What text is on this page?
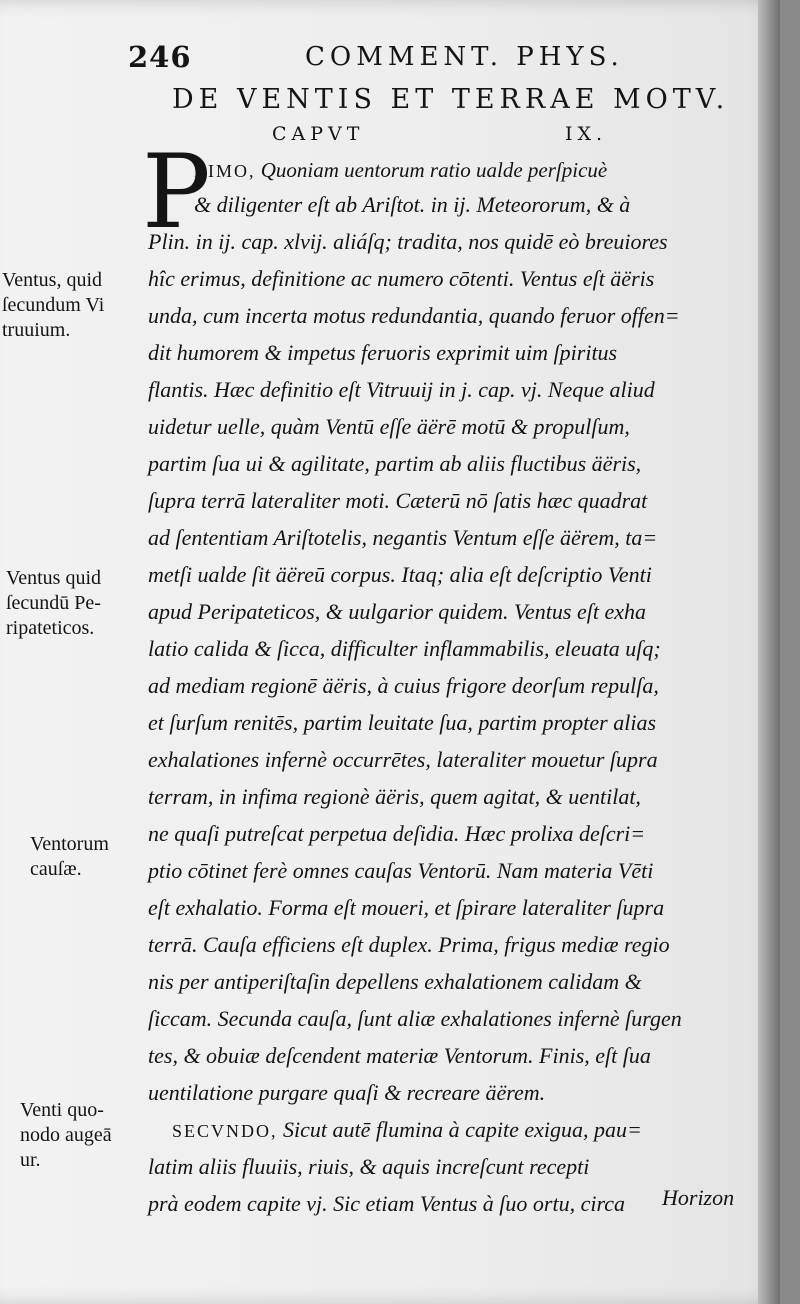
246	COMMENT. PHYS.
DE VENTIS ET TERRAE MOTV.
CAPVT	IX.
P
RIMO, Quoniam uentorum ratio ualde perſpicuè
& diligenter eſt ab Ariſtot. in ij. Meteororum, & à
Plin. in ij. cap. xlvij. aliáſq; tradita, nos quidē eò breuiores
hîc erimus, definitione ac numero cōtenti. Ventus eſt äëris
unda, cum incerta motus redundantia, quando feruor offen=
dit humorem & impetus feruoris exprimit uim ſpiritus
flantis. Hæc definitio eſt Vitruuij in j. cap. vj. Neque aliud
uidetur uelle, quàm Ventū eſſe äërē motū & propulſum,
partim ſua ui & agilitate, partim ab aliis fluctibus äëris,
ſupra terrā lateraliter moti. Cæterū nō ſatis hæc quadrat
ad ſententiam Ariſtotelis, negantis Ventum eſſe äërem, ta=
metſi ualde ſit äëreū corpus. Itaq; alia eſt deſcriptio Venti
apud Peripateticos, & uulgarior quidem. Ventus eſt exha
latio calida & ſicca, difficulter inflammabilis, eleuata uſq;
ad mediam regionē äëris, à cuius frigore deorſum repulſa,
et ſurſum renitēs, partim leuitate ſua, partim propter alias
exhalationes infernè occurrētes, lateraliter mouetur ſupra
terram, in infima regionè äëris, quem agitat, & uentilat,
ne quaſi putreſcat perpetua deſidia. Hæc prolixa deſcri=
ptio cōtinet ferè omnes cauſas Ventorū. Nam materia Vēti
eſt exhalatio. Forma eſt moueri, et ſpirare lateraliter ſupra
terrā. Cauſa efficiens eſt duplex. Prima, frigus mediæ regio
nis per antiperiſtaſin depellens exhalationem calidam &
ſiccam. Secunda cauſa, ſunt aliæ exhalationes infernè ſurgen
tes, & obuiæ deſcendent materiæ Ventorum. Finis, eſt ſua
uentilatione purgare quaſi & recreare äërem.
SECVNDO, Sicut autē flumina à capite exigua, pau=
latim aliis fluuiis, riuis, & aquis increſcunt recepti
prà eodem capite vj. Sic etiam Ventus à ſuo ortu, circa
Ventus, quid
ſecundum Vi
truuium.
Ventus quid
ſecundū Pe-
ripateticos.
Ventorum
cauſæ.
Venti quo-
nodo augeā
ur.
Horizon
